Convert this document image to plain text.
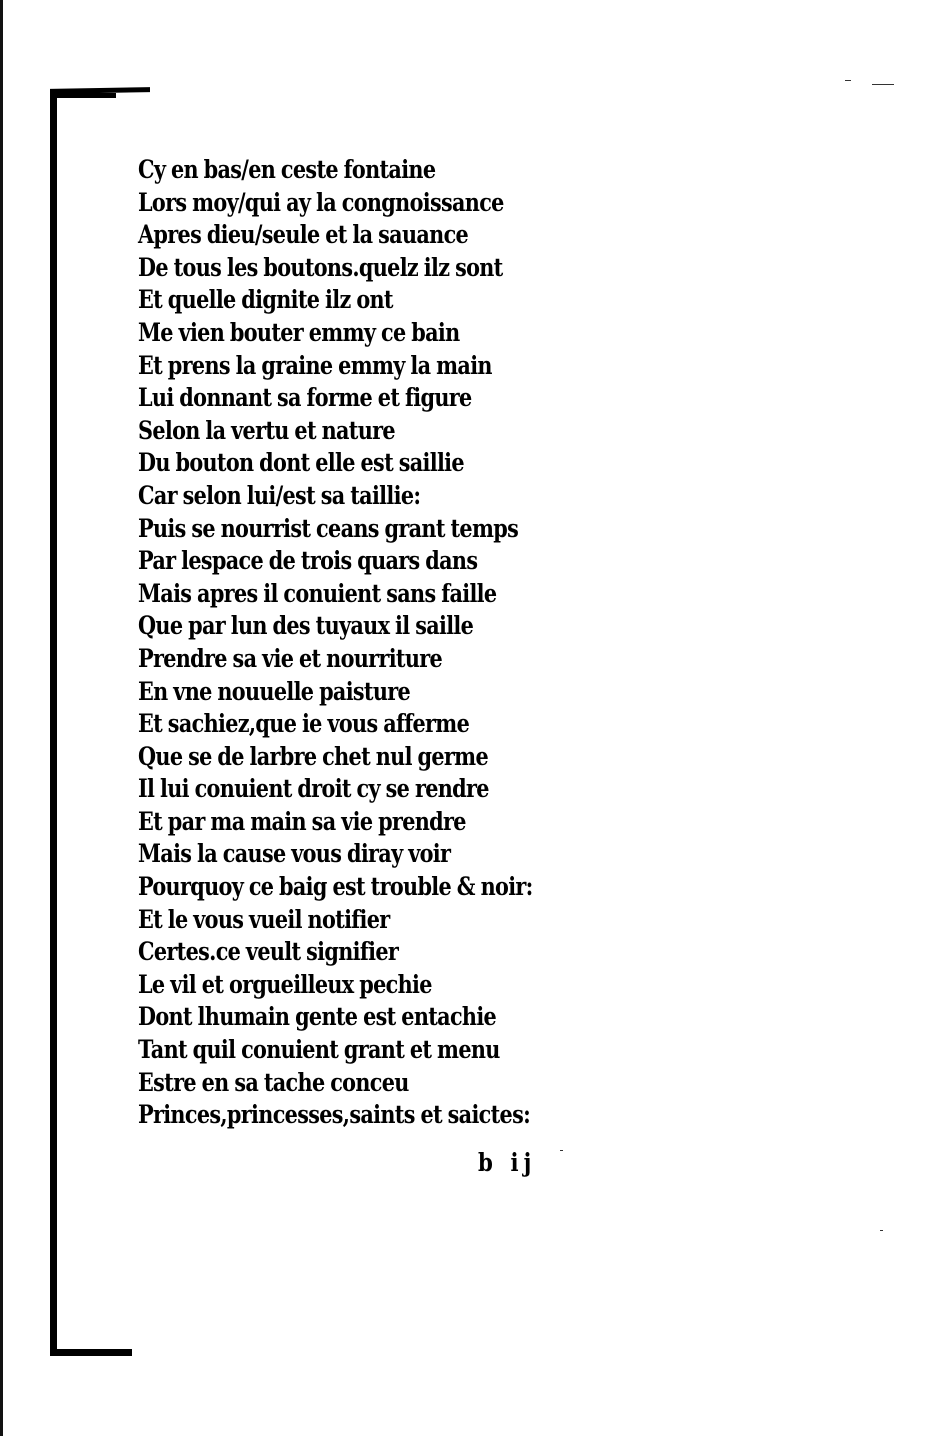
Cy en bas/en ceste fontaine
Lors moy/qui ay la congnoissance
Apres dieu/seule et la sauance
De tous les boutons.quelz ilz sont
Et quelle dignite ilz ont
Me vien bouter emmy ce bain
Et prens la graine emmy la main
Lui donnant sa forme et figure
Selon la vertu et nature
Du bouton dont elle est saillie
Car selon lui/est sa taillie:
Puis se nourrist ceans grant temps
Par lespace de trois quars dans
Mais apres il conuient sans faille
Que par lun des tuyaux il saille
Prendre sa vie et nourriture
En vne nouuelle paisture
Et sachiez,que ie vous afferme
Que se de larbre chet nul germe
Il lui conuient droit cy se rendre
Et par ma main sa vie prendre
Mais la cause vous diray voir
Pourquoy ce baig est trouble & noir:
Et le vous vueil notifier
Certes.ce veult signifier
Le vil et orgueilleux pechie
Dont lhumain gente est entachie
Tant quil conuient grant et menu
Estre en sa tache conceu
Princes,princesses,saints et saictes:
b ij
